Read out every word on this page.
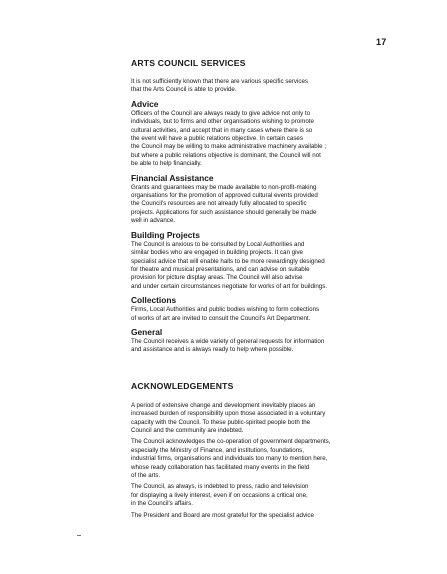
17
ARTS COUNCIL SERVICES

It is not sufficiently known that there are various specific services
that the Arts Council is able to provide.

Advice

Officers of the Council are always ready to give advice not only to
individuals, but to firms and other organisations wishing to promote
cultural activities, and accept that in many cases where there is so
the event will have a public relations objective. In certain cases
the Council may be willing to make administrative machinery available ;
but where a public relations objective is dominant, the Council will not
be able to help financially.

Financial Assistance

Grants and guarantees may be made available to non-profit-making
organisations for the promotion of approved cultural events provided
the Council's resources are not already fully allocated to specific
projects. Applications for such assistance should generally be made
well in advance.

Building Projects

The Council is anxious to be consulted by Local Authorities and
similar bodies who are engaged in building projects. It can give
specialist advice that will enable halls to be more rewardingly designed
for theatre and musical presentations, and can advise on suitable
provision for picture display areas. The Council will also advise
and under certain circumstances negotiate for works of art for buildings.

Collections

Firms, Local Authorities and public bodies wishing to form collections
of works of art are invited to consult the Council's Art Department.

General

The Council receives a wide variety of general requests for information
and assistance and is always ready to help where possible.

ACKNOWLEDGEMENTS

A period of extensive change and development inevitably places an
increased burden of responsibility upon those associated in a voluntary
capacity with the Council. To these public-spirited people both the
Council and the community are indebted.

The Council acknowledges the co-operation of government departments,
especially the Ministry of Finance, and institutions, foundations,
industrial firms, organisations and individuals too many to mention here,
whose ready collaboration has facilitated many events in the field
of the arts.

The Council, as always, is indebted to press, radio and television
for displaying a lively interest, even if on occasions a critical one,
in the Council's affairs.

The President and Board are most grateful for the specialist advice
